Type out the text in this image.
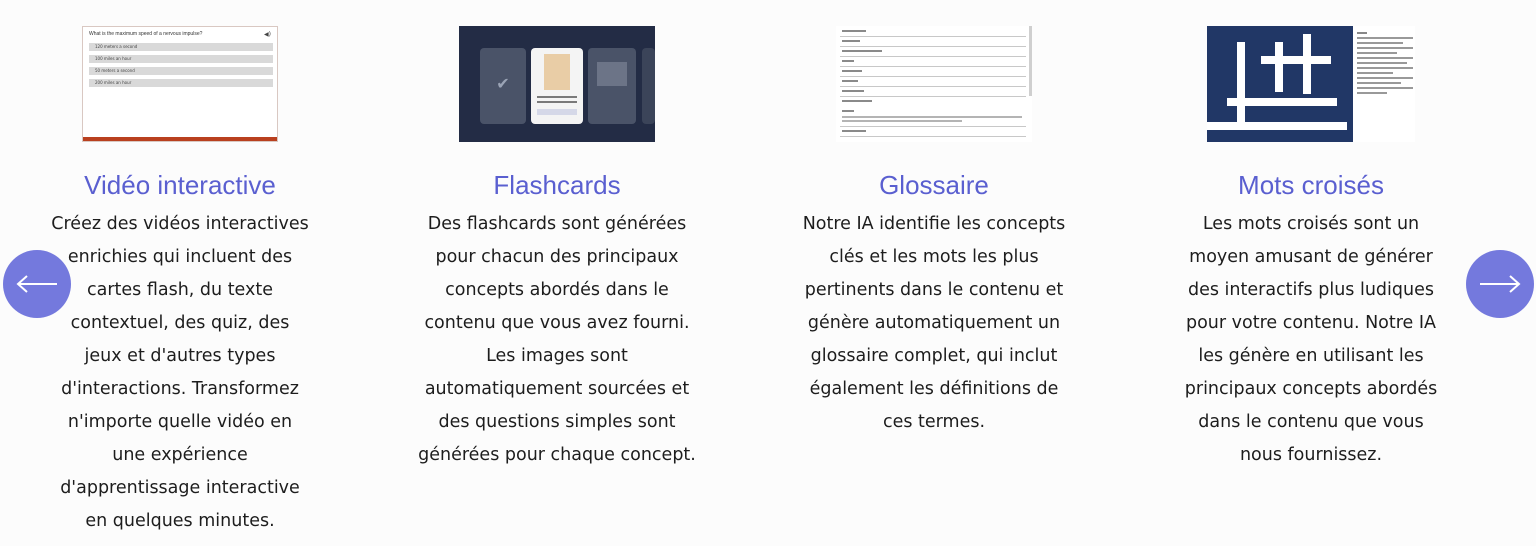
What is the maximum speed of a nervous impulse?	◀)
120 meters a second
100 miles an hour
50 meters a second
200 miles an hour
Vidéo interactive
Créez des vidéos interactives enrichies qui incluent des cartes flash, du texte contextuel, des quiz, des jeux et d'autres types d'interactions. Transformez n'importe quelle vidéo en une expérience d'apprentissage interactive en quelques minutes.
✔
Flashcards
Des flashcards sont générées pour chacun des principaux concepts abordés dans le contenu que vous avez fourni. Les images sont automatiquement sourcées et des questions simples sont générées pour chaque concept.
Glossaire
Notre IA identifie les concepts clés et les mots les plus pertinents dans le contenu et génère automatiquement un glossaire complet, qui inclut également les définitions de ces termes.
Mots croisés
Les mots croisés sont un moyen amusant de générer des interactifs plus ludiques pour votre contenu. Notre IA les génère en utilisant les principaux concepts abordés dans le contenu que vous nous fournissez.
